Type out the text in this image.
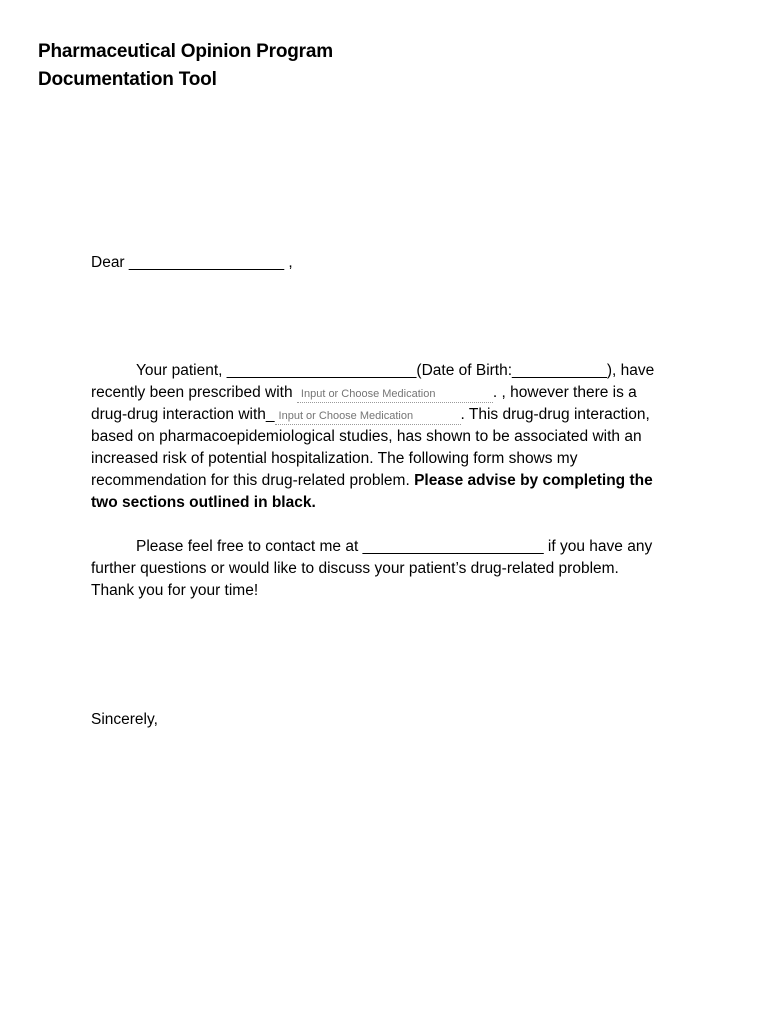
Pharmaceutical Opinion Program
Documentation Tool
Dear __________________ ,
Your patient, ______________________(Date of Birth:___________), have
recently been prescribed with Input or Choose Medication	. , however there is a
drug-drug interaction with_Input or Choose Medication	. This drug-drug interaction,
based on pharmacoepidemiological studies, has shown to be associated with an
increased risk of potential hospitalization. The following form shows my
recommendation for this drug-related problem. Please advise by completing the
two sections outlined in black.
Please feel free to contact me at _____________________ if you have any
further questions or would like to discuss your patient’s drug-related problem.
Thank you for your time!
Sincerely,
